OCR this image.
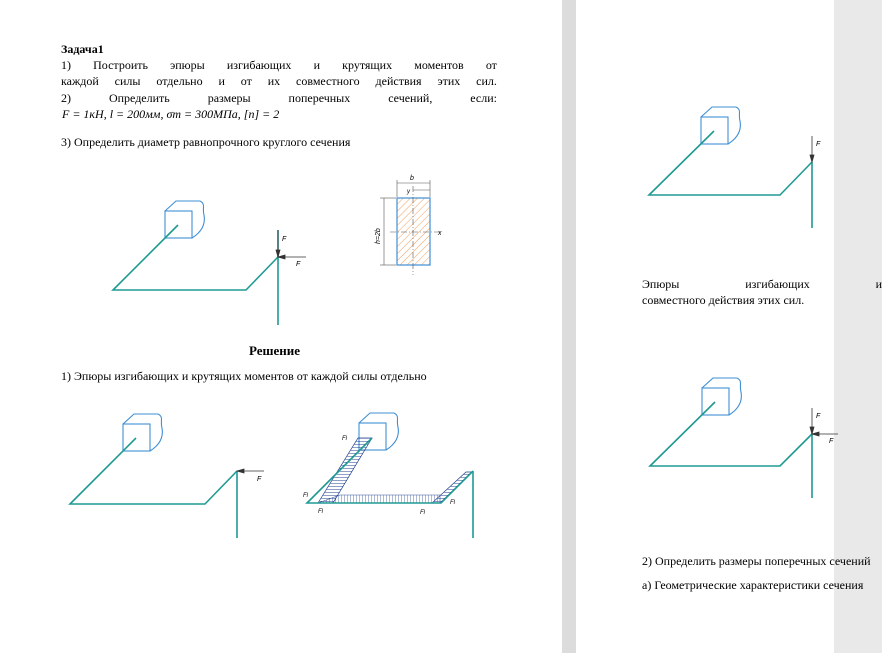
Задача1
1) Построить эпюры изгибающих и крутящих моментов от
каждой силы отдельно и от их совместного действия этих сил.
2)	Определить	размеры	поперечных	сечений,	если:
F = 1кН, l = 200мм, σт = 300МПа, [n] = 2
3) Определить диаметр равнопрочного круглого сечения
F
F
b
y
x
h=2b
Решение
1) Эпюры изгибающих и крутящих моментов от каждой силы отдельно
F
Fl
Fl
Fl	Fl
Fl
F
Эпюры	изгибающих	и
совместного действия этих сил.
F
F
2) Определить размеры поперечных сечений
а) Геометрические характеристики сечения
